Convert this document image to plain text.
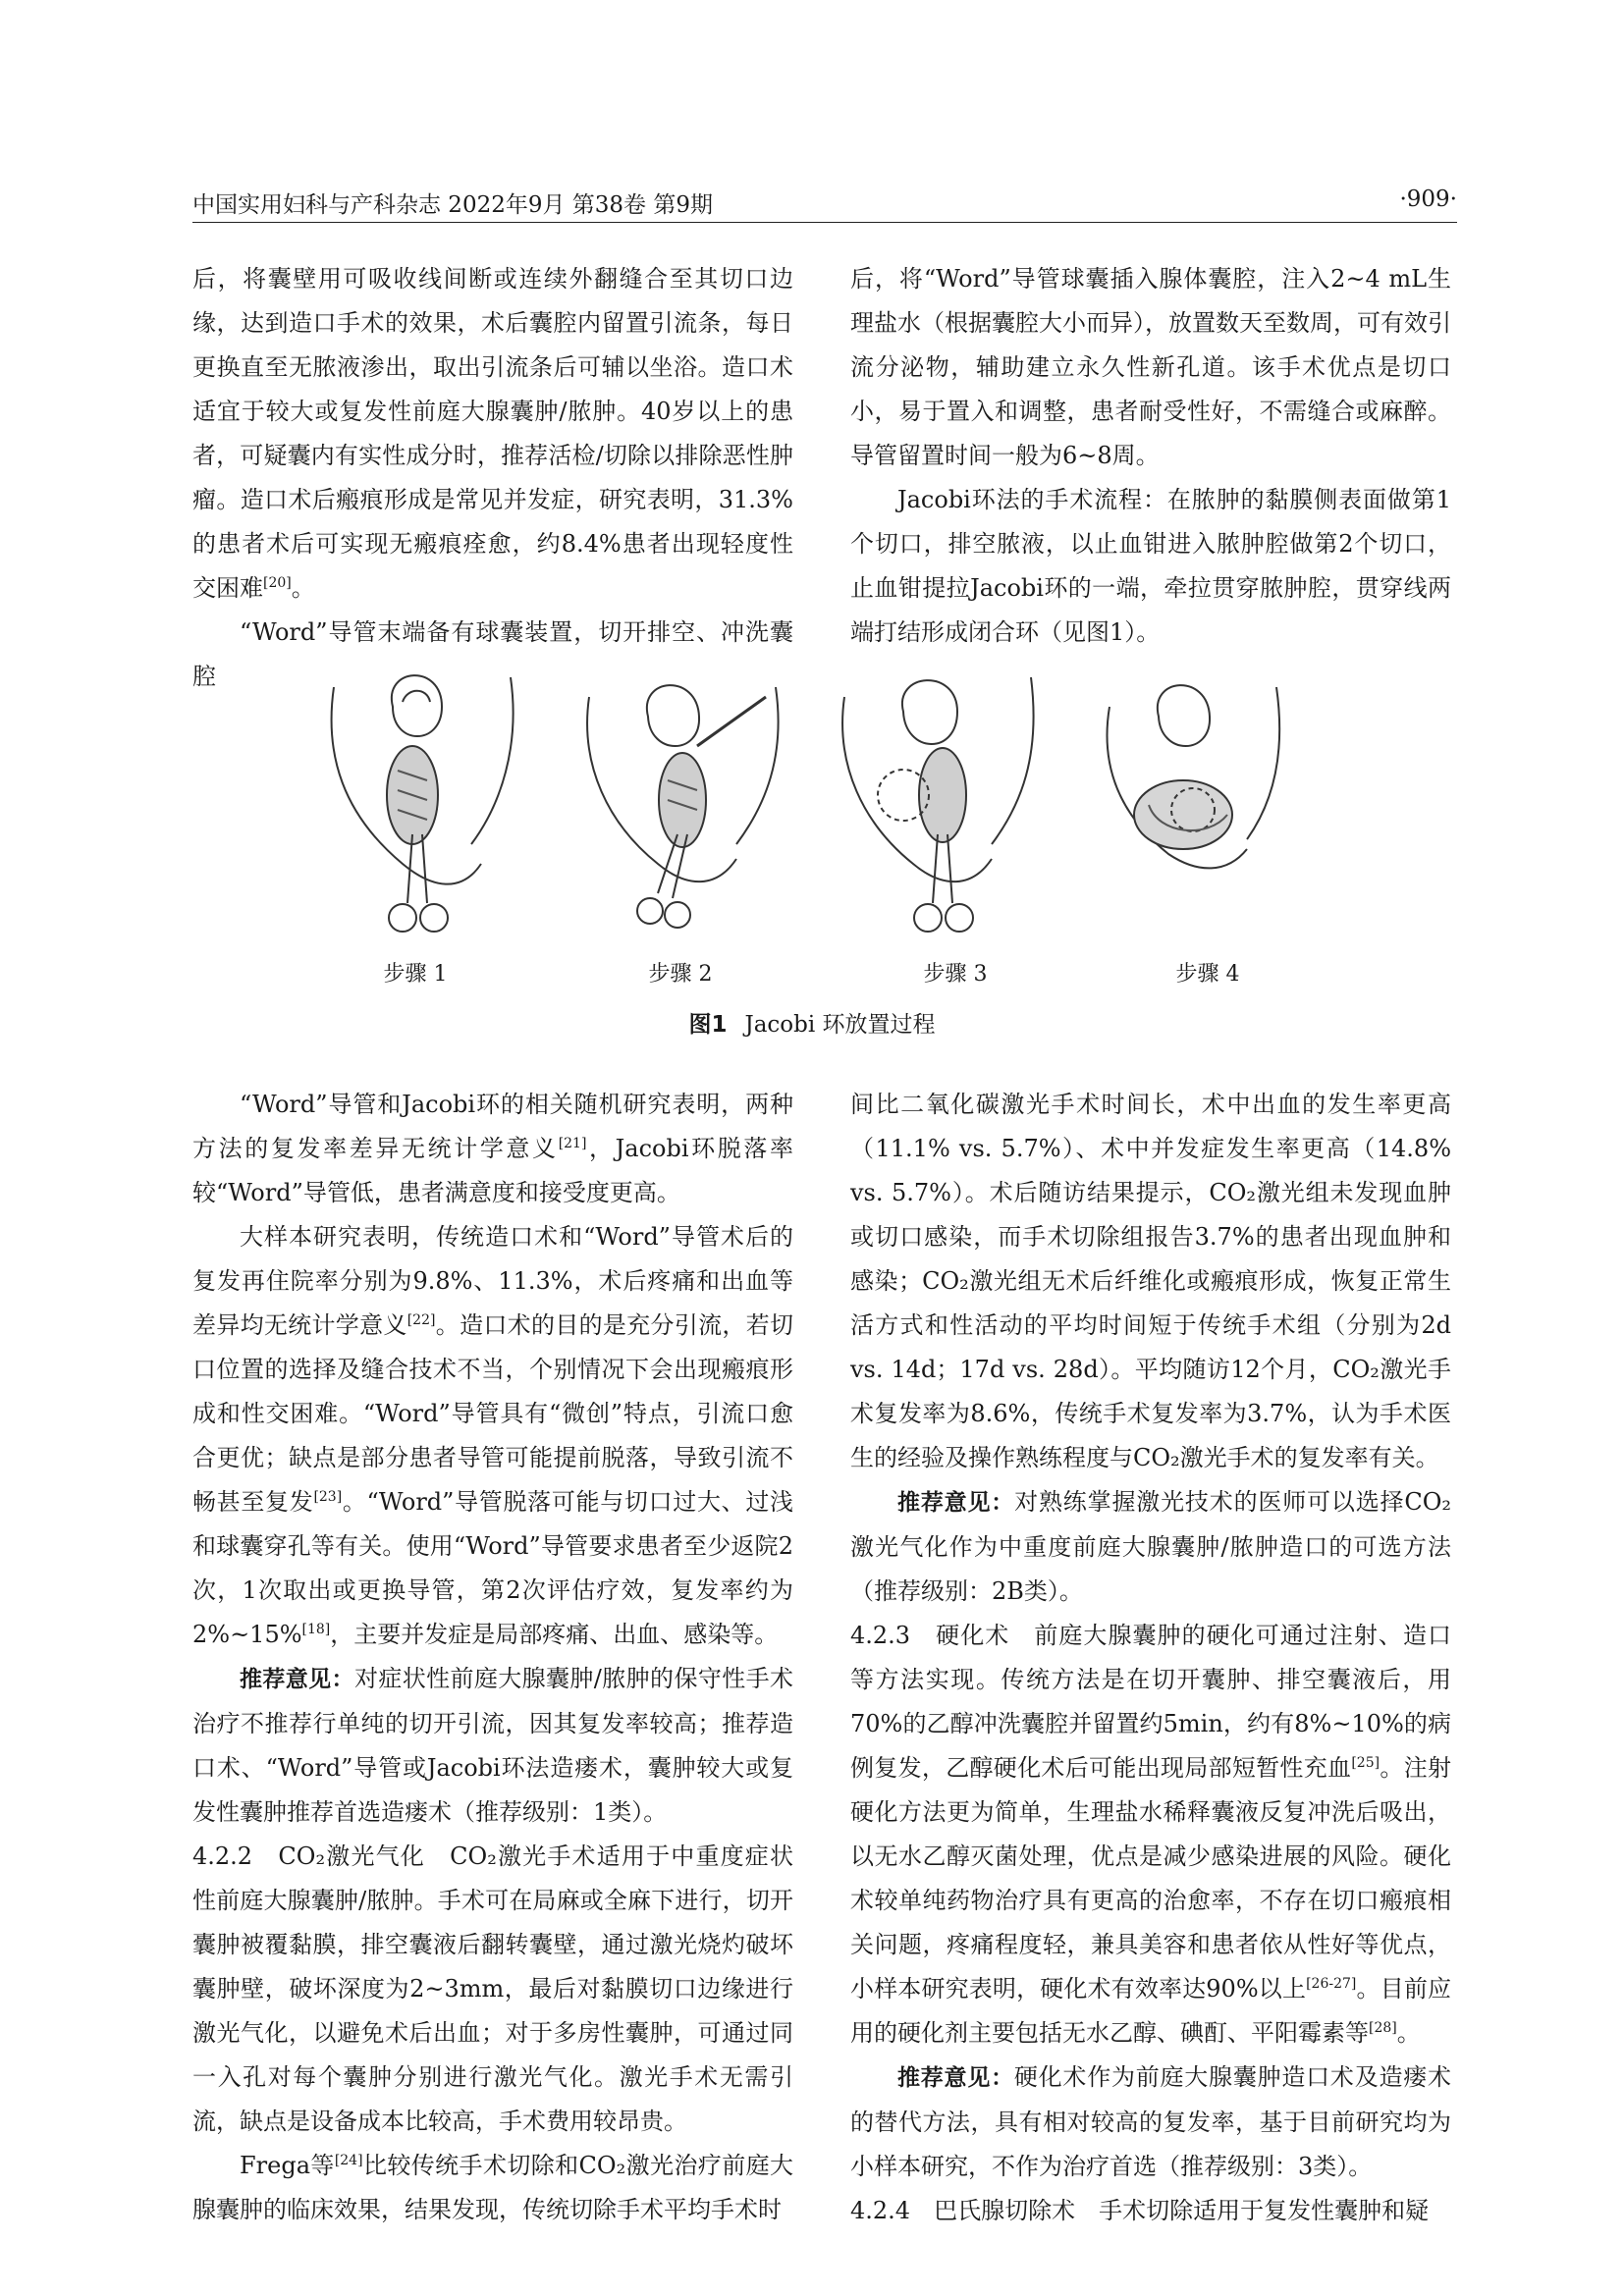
中国实用妇科与产科杂志 2022年9月 第38卷 第9期	·909·

后，将囊壁用可吸收线间断或连续外翻缝合至其切口边缘，达到造口手术的效果，术后囊腔内留置引流条，每日更换直至无脓液渗出，取出引流条后可辅以坐浴。造口术适宜于较大或复发性前庭大腺囊肿/脓肿。40岁以上的患者，可疑囊内有实性成分时，推荐活检/切除以排除恶性肿瘤。造口术后瘢痕形成是常见并发症，研究表明，31.3%的患者术后可实现无瘢痕痊愈，约8.4%患者出现轻度性交困难[20]。

“Word”导管末端备有球囊装置，切开排空、冲洗囊腔

后，将“Word”导管球囊插入腺体囊腔，注入2~4 mL生理盐水（根据囊腔大小而异），放置数天至数周，可有效引流分泌物，辅助建立永久性新孔道。该手术优点是切口小，易于置入和调整，患者耐受性好，不需缝合或麻醉。导管留置时间一般为6~8周。

Jacobi环法的手术流程：在脓肿的黏膜侧表面做第1个切口，排空脓液，以止血钳进入脓肿腔做第2个切口，止血钳提拉Jacobi环的一端，牵拉贯穿脓肿腔，贯穿线两端打结形成闭合环（见图1）。

步骤 1	步骤 2	步骤 3	步骤 4
图1 Jacobi 环放置过程

“Word”导管和Jacobi环的相关随机研究表明，两种方法的复发率差异无统计学意义[21]，Jacobi环脱落率较“Word”导管低，患者满意度和接受度更高。

大样本研究表明，传统造口术和“Word”导管术后的复发再住院率分别为9.8%、11.3%，术后疼痛和出血等差异均无统计学意义[22]。造口术的目的是充分引流，若切口位置的选择及缝合技术不当，个别情况下会出现瘢痕形成和性交困难。“Word”导管具有“微创”特点，引流口愈合更优；缺点是部分患者导管可能提前脱落，导致引流不畅甚至复发[23]。“Word”导管脱落可能与切口过大、过浅和球囊穿孔等有关。使用“Word”导管要求患者至少返院2次，1次取出或更换导管，第2次评估疗效，复发率约为2%~15%[18]，主要并发症是局部疼痛、出血、感染等。

推荐意见：对症状性前庭大腺囊肿/脓肿的保守性手术治疗不推荐行单纯的切开引流，因其复发率较高；推荐造口术、“Word”导管或Jacobi环法造瘘术，囊肿较大或复发性囊肿推荐首选造瘘术（推荐级别：1类）。

4.2.2　CO₂激光气化　CO₂激光手术适用于中重度症状性前庭大腺囊肿/脓肿。手术可在局麻或全麻下进行，切开囊肿被覆黏膜，排空囊液后翻转囊壁，通过激光烧灼破坏囊肿壁，破坏深度为2~3mm，最后对黏膜切口边缘进行激光气化，以避免术后出血；对于多房性囊肿，可通过同一入孔对每个囊肿分别进行激光气化。激光手术无需引流，缺点是设备成本比较高，手术费用较昂贵。

Frega等[24]比较传统手术切除和CO₂激光治疗前庭大腺囊肿的临床效果，结果发现，传统切除手术平均手术时

间比二氧化碳激光手术时间长，术中出血的发生率更高（11.1% vs. 5.7%）、术中并发症发生率更高（14.8% vs. 5.7%）。术后随访结果提示，CO₂激光组未发现血肿或切口感染，而手术切除组报告3.7%的患者出现血肿和感染；CO₂激光组无术后纤维化或瘢痕形成，恢复正常生活方式和性活动的平均时间短于传统手术组（分别为2d vs. 14d；17d vs. 28d）。平均随访12个月，CO₂激光手术复发率为8.6%，传统手术复发率为3.7%，认为手术医生的经验及操作熟练程度与CO₂激光手术的复发率有关。

推荐意见：对熟练掌握激光技术的医师可以选择CO₂激光气化作为中重度前庭大腺囊肿/脓肿造口的可选方法（推荐级别：2B类）。

4.2.3　硬化术　前庭大腺囊肿的硬化可通过注射、造口等方法实现。传统方法是在切开囊肿、排空囊液后，用70%的乙醇冲洗囊腔并留置约5min，约有8%~10%的病例复发，乙醇硬化术后可能出现局部短暂性充血[25]。注射硬化方法更为简单，生理盐水稀释囊液反复冲洗后吸出，以无水乙醇灭菌处理，优点是减少感染进展的风险。硬化术较单纯药物治疗具有更高的治愈率，不存在切口瘢痕相关问题，疼痛程度轻，兼具美容和患者依从性好等优点，小样本研究表明，硬化术有效率达90%以上[26-27]。目前应用的硬化剂主要包括无水乙醇、碘酊、平阳霉素等[28]。

推荐意见：硬化术作为前庭大腺囊肿造口术及造瘘术的替代方法，具有相对较高的复发率，基于目前研究均为小样本研究，不作为治疗首选（推荐级别：3类）。

4.2.4　巴氏腺切除术　手术切除适用于复发性囊肿和疑
